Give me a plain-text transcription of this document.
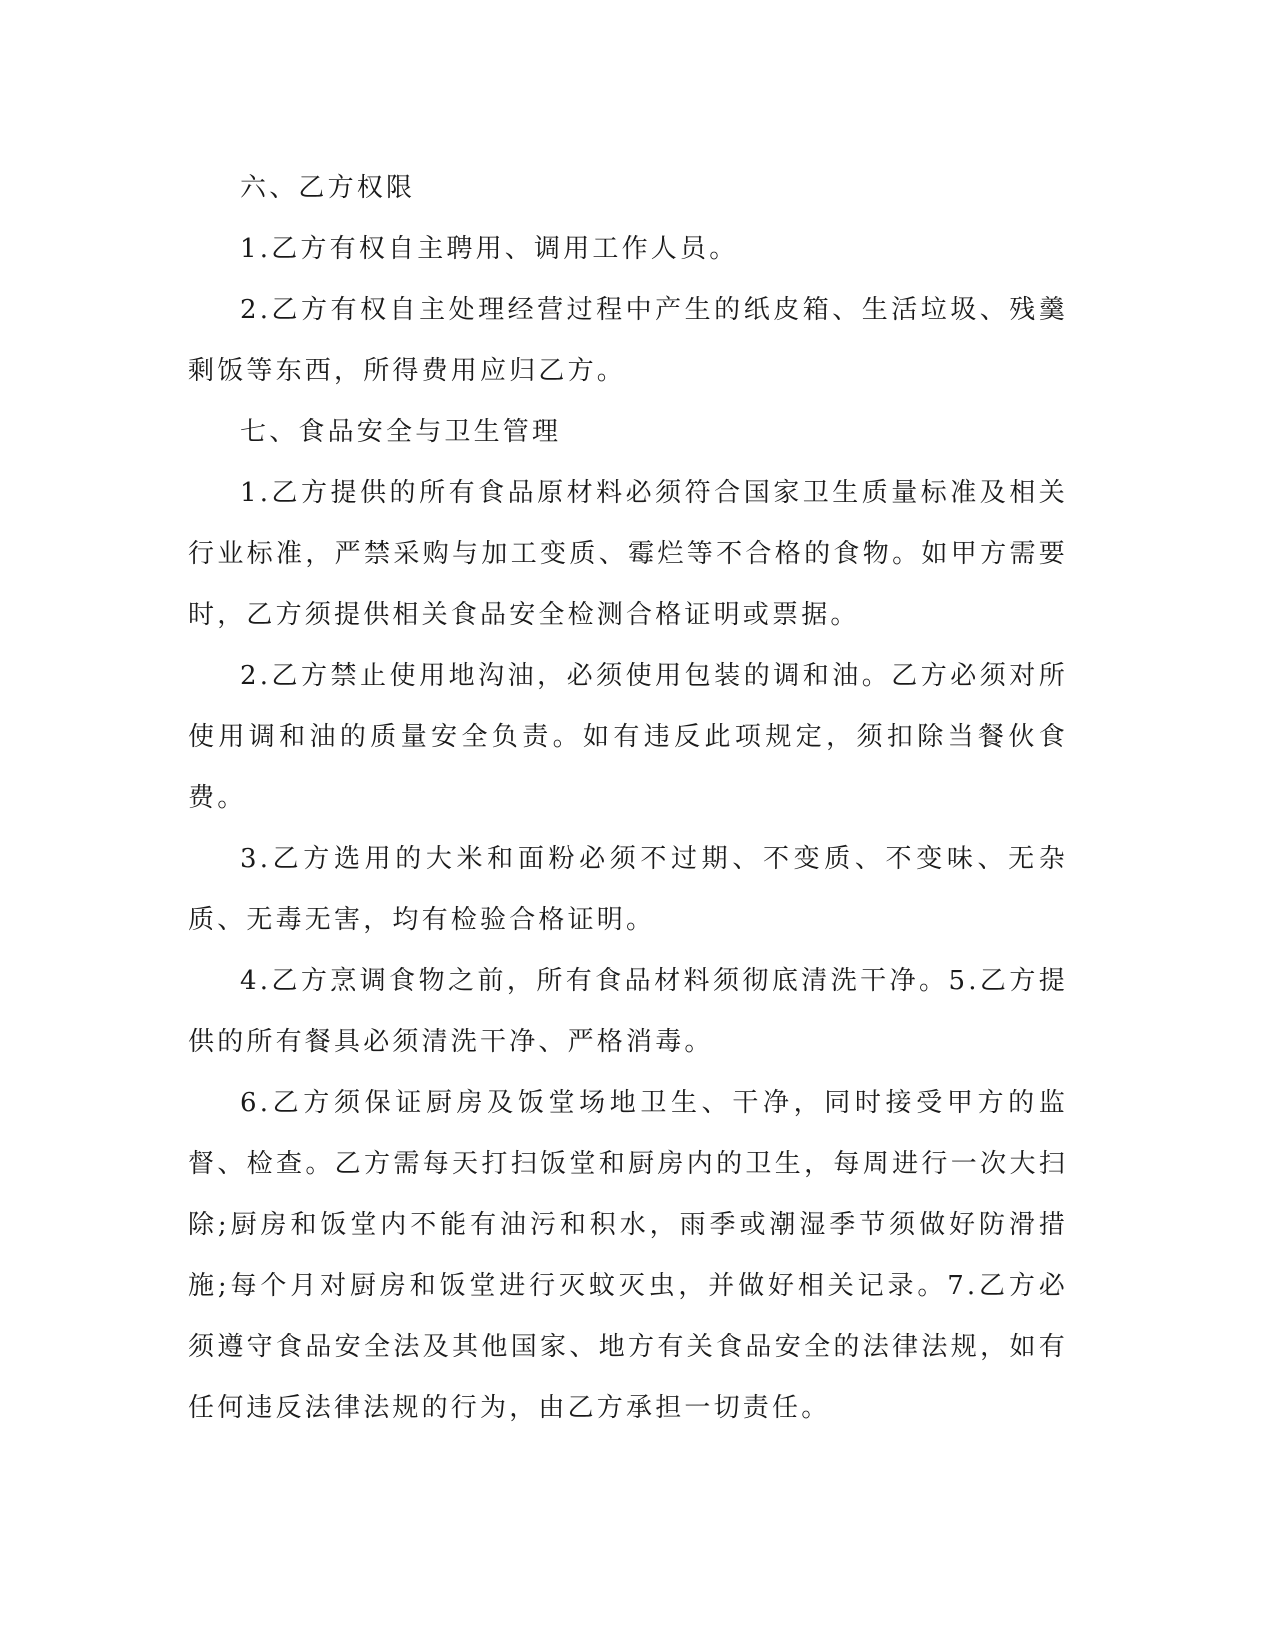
六、乙方权限

1.乙方有权自主聘用、调用工作人员。

2.乙方有权自主处理经营过程中产生的纸皮箱、生活垃圾、残羹剩饭等东西，所得费用应归乙方。

七、食品安全与卫生管理

1.乙方提供的所有食品原材料必须符合国家卫生质量标准及相关行业标准，严禁采购与加工变质、霉烂等不合格的食物。如甲方需要时，乙方须提供相关食品安全检测合格证明或票据。

2.乙方禁止使用地沟油，必须使用包装的调和油。乙方必须对所使用调和油的质量安全负责。如有违反此项规定，须扣除当餐伙食费。

3.乙方选用的大米和面粉必须不过期、不变质、不变味、无杂质、无毒无害，均有检验合格证明。

4.乙方烹调食物之前，所有食品材料须彻底清洗干净。5.乙方提供的所有餐具必须清洗干净、严格消毒。

6.乙方须保证厨房及饭堂场地卫生、干净，同时接受甲方的监督、检查。乙方需每天打扫饭堂和厨房内的卫生，每周进行一次大扫除;厨房和饭堂内不能有油污和积水，雨季或潮湿季节须做好防滑措施;每个月对厨房和饭堂进行灭蚊灭虫，并做好相关记录。7.乙方必须遵守食品安全法及其他国家、地方有关食品安全的法律法规，如有任何违反法律法规的行为，由乙方承担一切责任。
